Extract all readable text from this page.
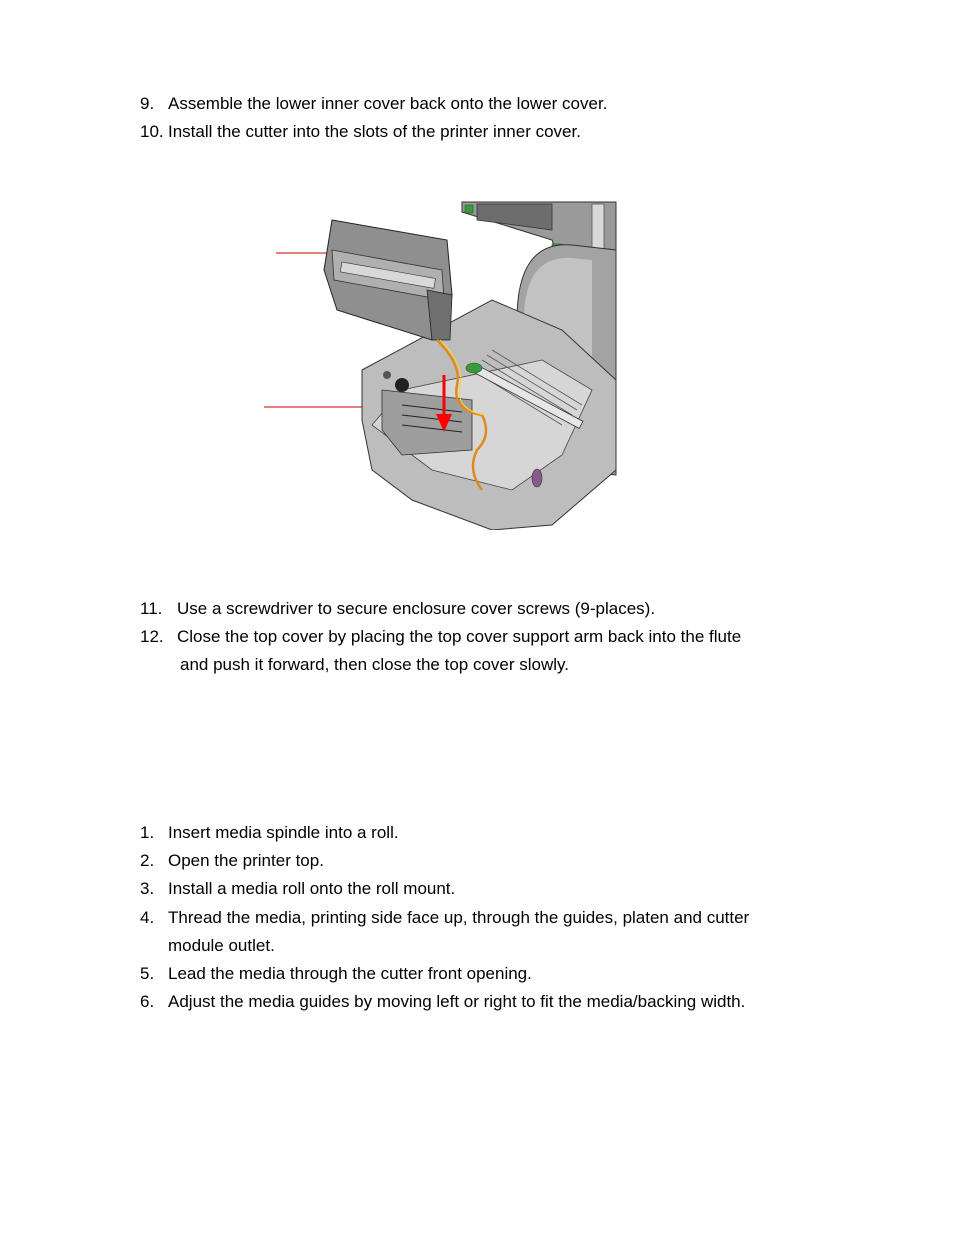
9. Assemble the lower inner cover back onto the lower cover.
10. Install the cutter into the slots of the printer inner cover.
11. Use a screwdriver to secure enclosure cover screws (9-places).
12. Close the top cover by placing the top cover support arm back into the flute
and push it forward, then close the top cover slowly.
1. Insert media spindle into a roll.
2. Open the printer top.
3. Install a media roll onto the roll mount.
4. Thread the media, printing side face up, through the guides, platen and cutter
module outlet.
5. Lead the media through the cutter front opening.
6. Adjust the media guides by moving left or right to fit the media/backing width.
